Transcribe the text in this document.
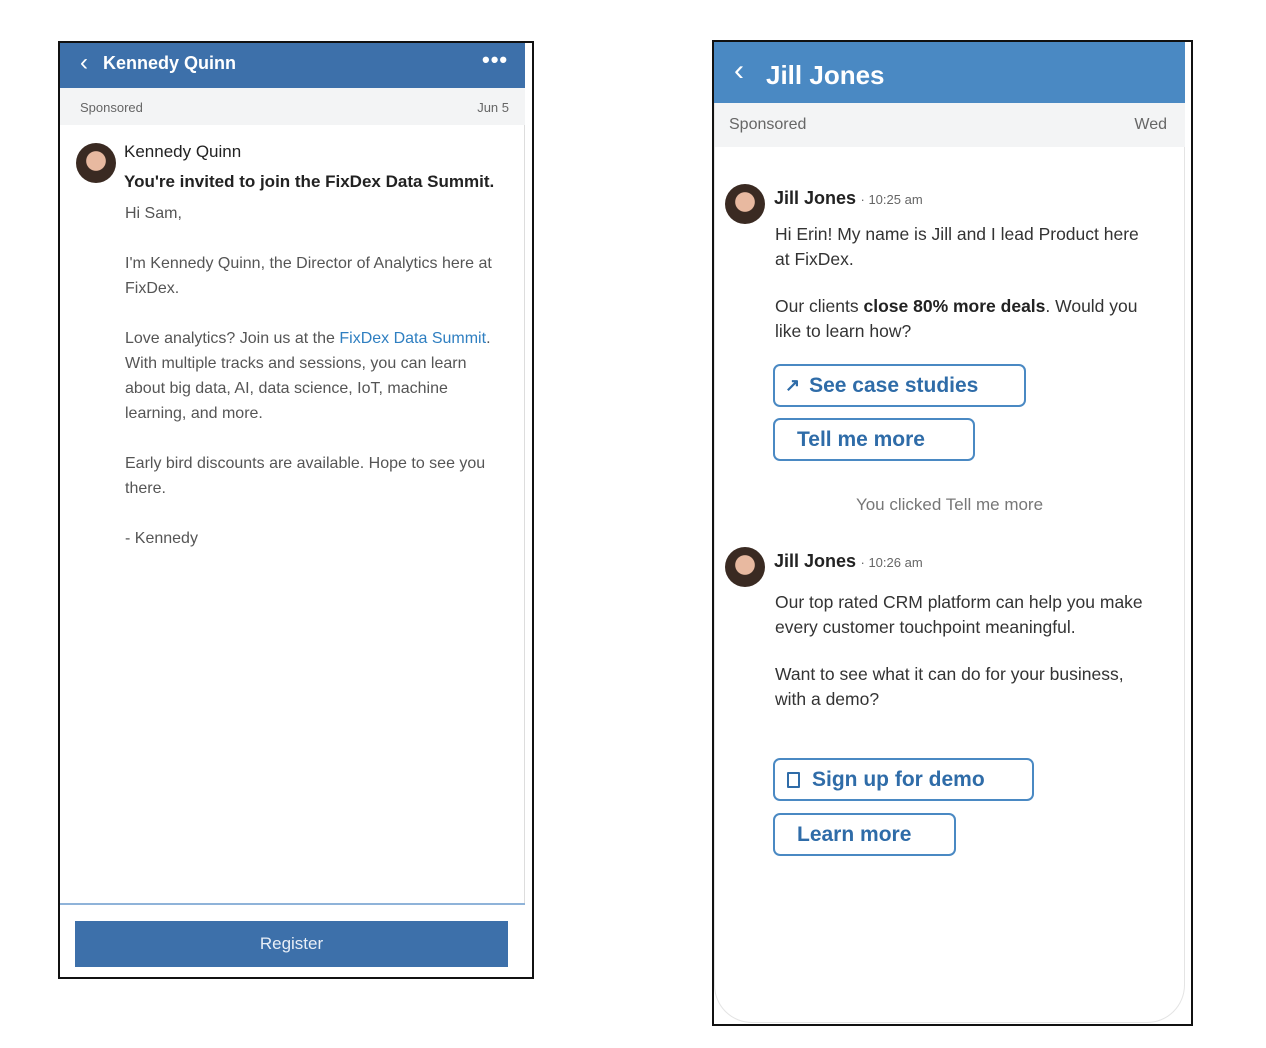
‹ Kennedy Quinn	•••
Sponsored	Jun 5
Kennedy Quinn
You're invited to join the FixDex Data Summit.
Hi Sam,
I'm Kennedy Quinn, the Director of Analytics here at FixDex.
Love analytics? Join us at the FixDex Data Summit. With multiple tracks and sessions, you can learn about big data, AI, data science, IoT, machine learning, and more.
Early bird discounts are available. Hope to see you there.
- Kennedy
Register
‹ Jill Jones
Sponsored	Wed
Jill Jones · 10:25 am
Hi Erin! My name is Jill and I lead Product here at FixDex.
Our clients close 80% more deals. Would you like to learn how?
↗ See case studies
Tell me more
You clicked Tell me more
Jill Jones · 10:26 am
Our top rated CRM platform can help you make every customer touchpoint meaningful.
Want to see what it can do for your business, with a demo?
Sign up for demo
Learn more
